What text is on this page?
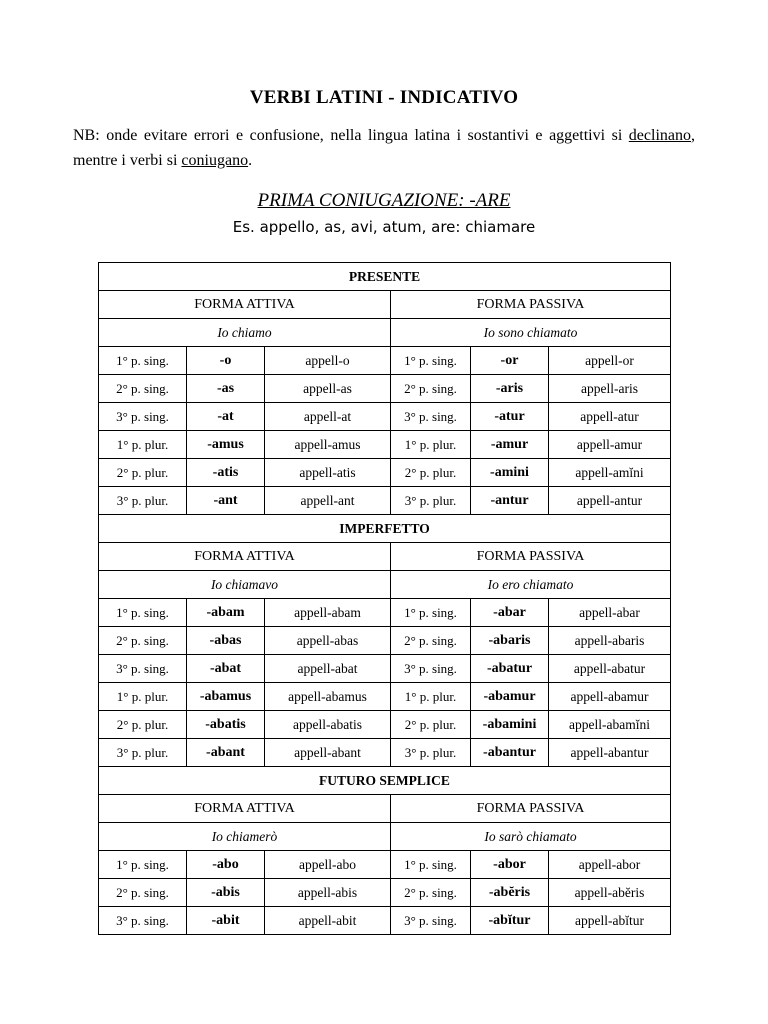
VERBI LATINI - INDICATIVO
NB: onde evitare errori e confusione, nella lingua latina i sostantivi e aggettivi si declinano, mentre i verbi si coniugano.
PRIMA CONIUGAZIONE: -ARE
Es. appello, as, avi, atum, are: chiamare
PRESENTE					
FORMA ATTIVA			FORMA PASSIVA		
Io chiamo			Io sono chiamato		
1° p. sing.	-o	appell-o	1° p. sing.	-or	appell-or
2° p. sing.	-as	appell-as	2° p. sing.	-aris	appell-aris
3° p. sing.	-at	appell-at	3° p. sing.	-atur	appell-atur
1° p. plur.	-amus	appell-amus	1° p. plur.	-amur	appell-amur
2° p. plur.	-atis	appell-atis	2° p. plur.	-amini	appell-amĭni
3° p. plur.	-ant	appell-ant	3° p. plur.	-antur	appell-antur
IMPERFETTO					
FORMA ATTIVA			FORMA PASSIVA		
Io chiamavo			Io ero chiamato		
1° p. sing.	-abam	appell-abam	1° p. sing.	-abar	appell-abar
2° p. sing.	-abas	appell-abas	2° p. sing.	-abaris	appell-abaris
3° p. sing.	-abat	appell-abat	3° p. sing.	-abatur	appell-abatur
1° p. plur.	-abamus	appell-abamus	1° p. plur.	-abamur	appell-abamur
2° p. plur.	-abatis	appell-abatis	2° p. plur.	-abamini	appell-abamĭni
3° p. plur.	-abant	appell-abant	3° p. plur.	-abantur	appell-abantur
FUTURO SEMPLICE					
FORMA ATTIVA			FORMA PASSIVA		
Io chiamerò			Io sarò chiamato		
1° p. sing.	-abo	appell-abo	1° p. sing.	-abor	appell-abor
2° p. sing.	-abis	appell-abis	2° p. sing.	-abĕris	appell-abĕris
3° p. sing.	-abit	appell-abit	3° p. sing.	-abĭtur	appell-abĭtur
